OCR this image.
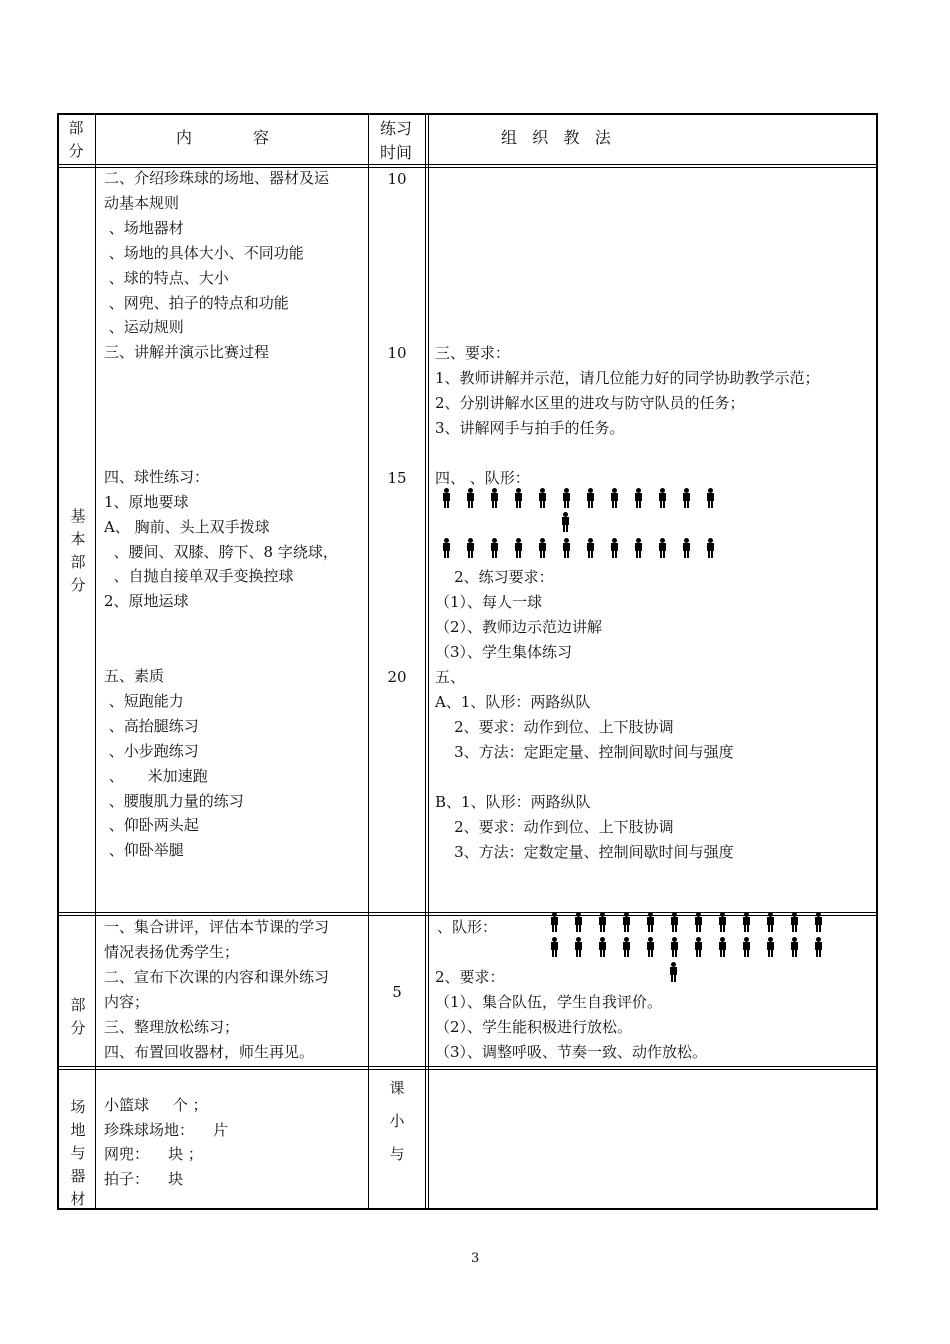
部
分
内            容	练习
时间
组   织   教   法
基
本
部
分
二、介绍珍珠球的场地、器材及运
动基本规则
、场地器材
、场地的具体大小、不同功能
、球的特点、大小
、网兜、拍子的特点和功能
、运动规则
三、讲解并演示比赛过程
四、球性练习：
1、原地要球
A、 胸前、头上双手拨球
、腰间、双膝、胯下、8 字绕球，
、自抛自接单双手变换控球
2、原地运球
五、素质
、短跑能力
、高抬腿练习
、小步跑练习
、     米加速跑
、腰腹肌力量的练习
、仰卧两头起
、仰卧举腿
10
10
15
20
三、要求：
1、教师讲解并示范，请几位能力好的同学协助教学示范；
2、分别讲解水区里的进攻与防守队员的任务；
3、讲解网手与拍手的任务。
四、 、队形：
2、练习要求：
（1）、每人一球
（2）、教师边示范边讲解
（3）、学生集体练习
五、
A、1、队形：两路纵队
2、要求：动作到位、上下肢协调
3、方法：定距定量、控制间歇时间与强度
B、1、队形：两路纵队
2、要求：动作到位、上下肢协调
3、方法：定数定量、控制间歇时间与强度
部
分
一、集合讲评，评估本节课的学习
情况表扬优秀学生；
二、宣布下次课的内容和课外练习
内容；
三、整理放松练习；
四、布置回收器材，师生再见。
5
、队形：
2、要求：
（1）、集合队伍，学生自我评价。
（2）、学生能积极进行放松。
（3）、调整呼吸、节奏一致、动作放松。
场
地
与
器
材
小篮球     个 ；
珍珠球场地：    片
网兜：    块 ；
拍子：    块
课
小
与
3
